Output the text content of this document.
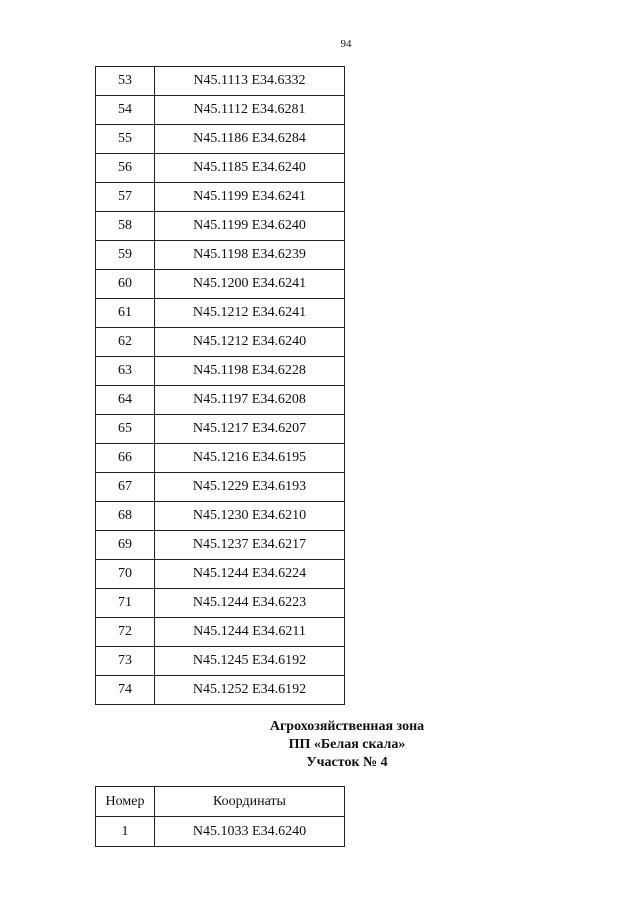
94
53	N45.1113 E34.6332
54	N45.1112 E34.6281
55	N45.1186 E34.6284
56	N45.1185 E34.6240
57	N45.1199 E34.6241
58	N45.1199 E34.6240
59	N45.1198 E34.6239
60	N45.1200 E34.6241
61	N45.1212 E34.6241
62	N45.1212 E34.6240
63	N45.1198 E34.6228
64	N45.1197 E34.6208
65	N45.1217 E34.6207
66	N45.1216 E34.6195
67	N45.1229 E34.6193
68	N45.1230 E34.6210
69	N45.1237 E34.6217
70	N45.1244 E34.6224
71	N45.1244 E34.6223
72	N45.1244 E34.6211
73	N45.1245 E34.6192
74	N45.1252 E34.6192
Агрохозяйственная зона
ПП «Белая скала»
Участок № 4
Номер	Координаты
1	N45.1033 E34.6240
